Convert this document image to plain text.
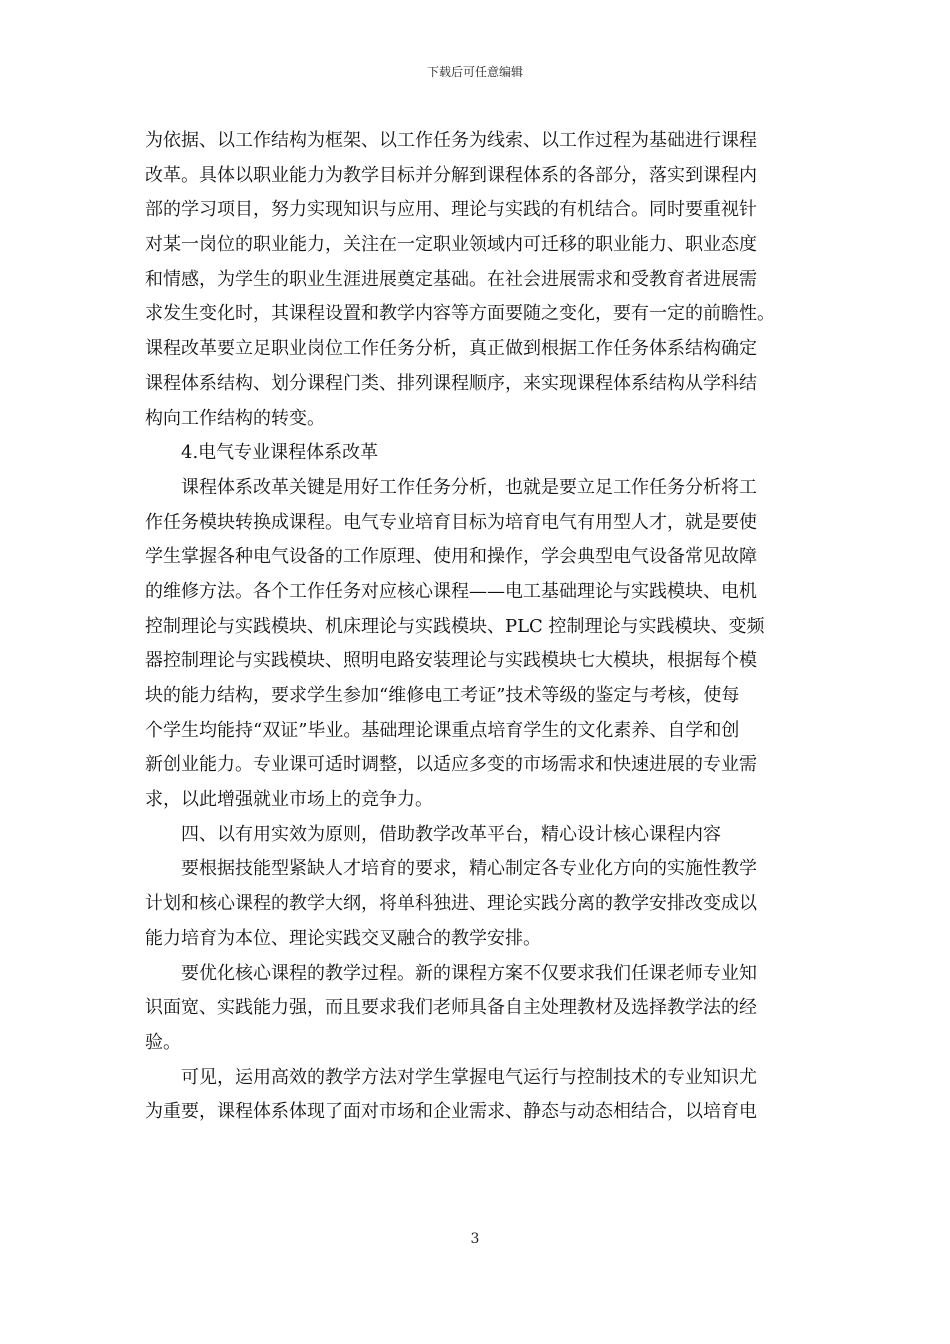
下载后可任意编辑
为依据、以工作结构为框架、以工作任务为线索、以工作过程为基础进行课程
改革。具体以职业能力为教学目标并分解到课程体系的各部分，落实到课程内
部的学习项目，努力实现知识与应用、理论与实践的有机结合。同时要重视针
对某一岗位的职业能力，关注在一定职业领域内可迁移的职业能力、职业态度
和情感，为学生的职业生涯进展奠定基础。在社会进展需求和受教育者进展需
求发生变化时，其课程设置和教学内容等方面要随之变化，要有一定的前瞻性。
课程改革要立足职业岗位工作任务分析，真正做到根据工作任务体系结构确定
课程体系结构、划分课程门类、排列课程顺序，来实现课程体系结构从学科结
构向工作结构的转变。
4.电气专业课程体系改革
课程体系改革关键是用好工作任务分析，也就是要立足工作任务分析将工
作任务模块转换成课程。电气专业培育目标为培育电气有用型人才，就是要使
学生掌握各种电气设备的工作原理、使用和操作，学会典型电气设备常见故障
的维修方法。各个工作任务对应核心课程——电工基础理论与实践模块、电机
控制理论与实践模块、机床理论与实践模块、PLC 控制理论与实践模块、变频
器控制理论与实践模块、照明电路安装理论与实践模块七大模块，根据每个模
块的能力结构，要求学生参加“维修电工考证”技术等级的鉴定与考核，使每
个学生均能持“双证”毕业。基础理论课重点培育学生的文化素养、自学和创
新创业能力。专业课可适时调整，以适应多变的市场需求和快速进展的专业需
求，以此增强就业市场上的竞争力。
四、以有用实效为原则，借助教学改革平台，精心设计核心课程内容
要根据技能型紧缺人才培育的要求，精心制定各专业化方向的实施性教学
计划和核心课程的教学大纲，将单科独进、理论实践分离的教学安排改变成以
能力培育为本位、理论实践交叉融合的教学安排。
要优化核心课程的教学过程。新的课程方案不仅要求我们任课老师专业知
识面宽、实践能力强，而且要求我们老师具备自主处理教材及选择教学法的经
验。
可见，运用高效的教学方法对学生掌握电气运行与控制技术的专业知识尤
为重要，课程体系体现了面对市场和企业需求、静态与动态相结合，以培育电
3
